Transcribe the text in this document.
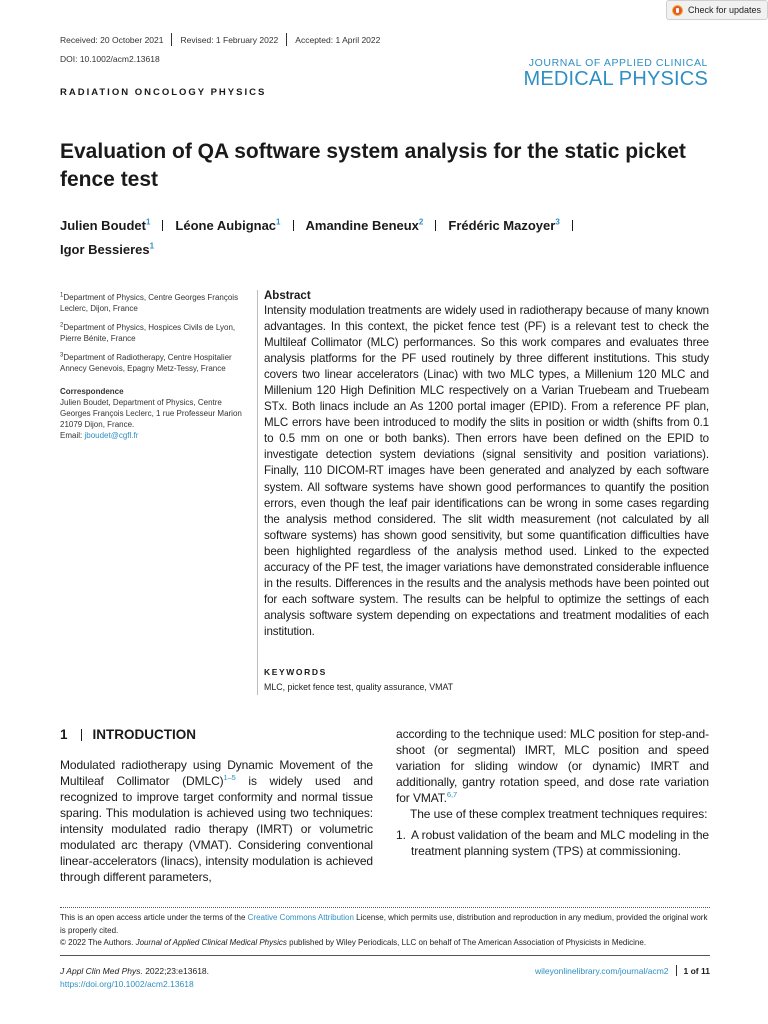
Check for updates
Received: 20 October 2021 Revised: 1 February 2022 Accepted: 1 April 2022
DOI: 10.1002/acm2.13618	JOURNAL OF APPLIED CLINICAL
MEDICAL PHYSICS
RADIATION ONCOLOGY PHYSICS
Evaluation of QA software system analysis for the static picket fence test
Julien Boudet$^1$ Léone Aubignac$^1$ Amandine Beneux$^2$ Frédéric Mazoyer$^3$
Igor Bessieres$^1$
$^1$Department of Physics, Centre Georges François Leclerc, Dijon, France
$^2$Department of Physics, Hospices Civils de Lyon, Pierre Bénite, France
$^3$Department of Radiotherapy, Centre Hospitalier Annecy Genevois, Epagny Metz-Tessy, France
Correspondence
Julien Boudet, Department of Physics, Centre Georges François Leclerc, 1 rue Professeur Marion 21079 Dijon, France.
Email: jboudet@cgfl.fr
Abstract

Intensity modulation treatments are widely used in radiotherapy because of many known advantages. In this context, the picket fence test (PF) is a relevant test to check the Multileaf Collimator (MLC) performances. So this work compares and evaluates three analysis platforms for the PF used routinely by three different institutions. This study covers two linear accelerators (Linac) with two MLC types, a Millenium 120 MLC and Millenium 120 High Definition MLC respectively on a Varian Truebeam and Truebeam STx. Both linacs include an As 1200 portal imager (EPID). From a reference PF plan, MLC errors have been introduced to modify the slits in position or width (shifts from 0.1 to 0.5 mm on one or both banks). Then errors have been defined on the EPID to investigate detection system deviations (signal sensitivity and position variations). Finally, 110 DICOM-RT images have been generated and analyzed by each software system. All software systems have shown good performances to quantify the position errors, even though the leaf pair identifications can be wrong in some cases regarding the analysis method considered. The slit width measurement (not calculated by all software systems) has shown good sensitivity, but some quantification difficulties have been highlighted regardless of the analysis method used. Linked to the expected accuracy of the PF test, the imager variations have demonstrated considerable influence in the results. Differences in the results and the analysis methods have been pointed out for each software system. The results can be helpful to optimize the settings of each analysis software system depending on expectations and treatment modalities of each institution.

KEYWORDS
MLC, picket fence test, quality assurance, VMAT
1 INTRODUCTION

Modulated radiotherapy using Dynamic Movement of the Multileaf Collimator (DMLC)$^{1-5}$ is widely used and recognized to improve target conformity and normal tissue sparing. This modulation is achieved using two techniques: intensity modulated radio therapy (IMRT) or volumetric modulated arc therapy (VMAT). Considering conventional linear-accelerators (linacs), intensity modulation is achieved through different parameters,

according to the technique used: MLC position for step-and-shoot (or segmental) IMRT, MLC position and speed variation for sliding window (or dynamic) IMRT and additionally, gantry rotation speed, and dose rate variation for VMAT.$^{6,7}$

The use of these complex treatment techniques requires:

1. A robust validation of the beam and MLC modeling in the treatment planning system (TPS) at commissioning.
This is an open access article under the terms of the Creative Commons Attribution License, which permits use, distribution and reproduction in any medium, provided the original work is properly cited.
© 2022 The Authors. Journal of Applied Clinical Medical Physics published by Wiley Periodicals, LLC on behalf of The American Association of Physicists in Medicine.
J Appl Clin Med Phys. 2022;23:e13618.
https://doi.org/10.1002/acm2.13618
wileyonlinelibrary.com/journal/acm2 1 of 11
